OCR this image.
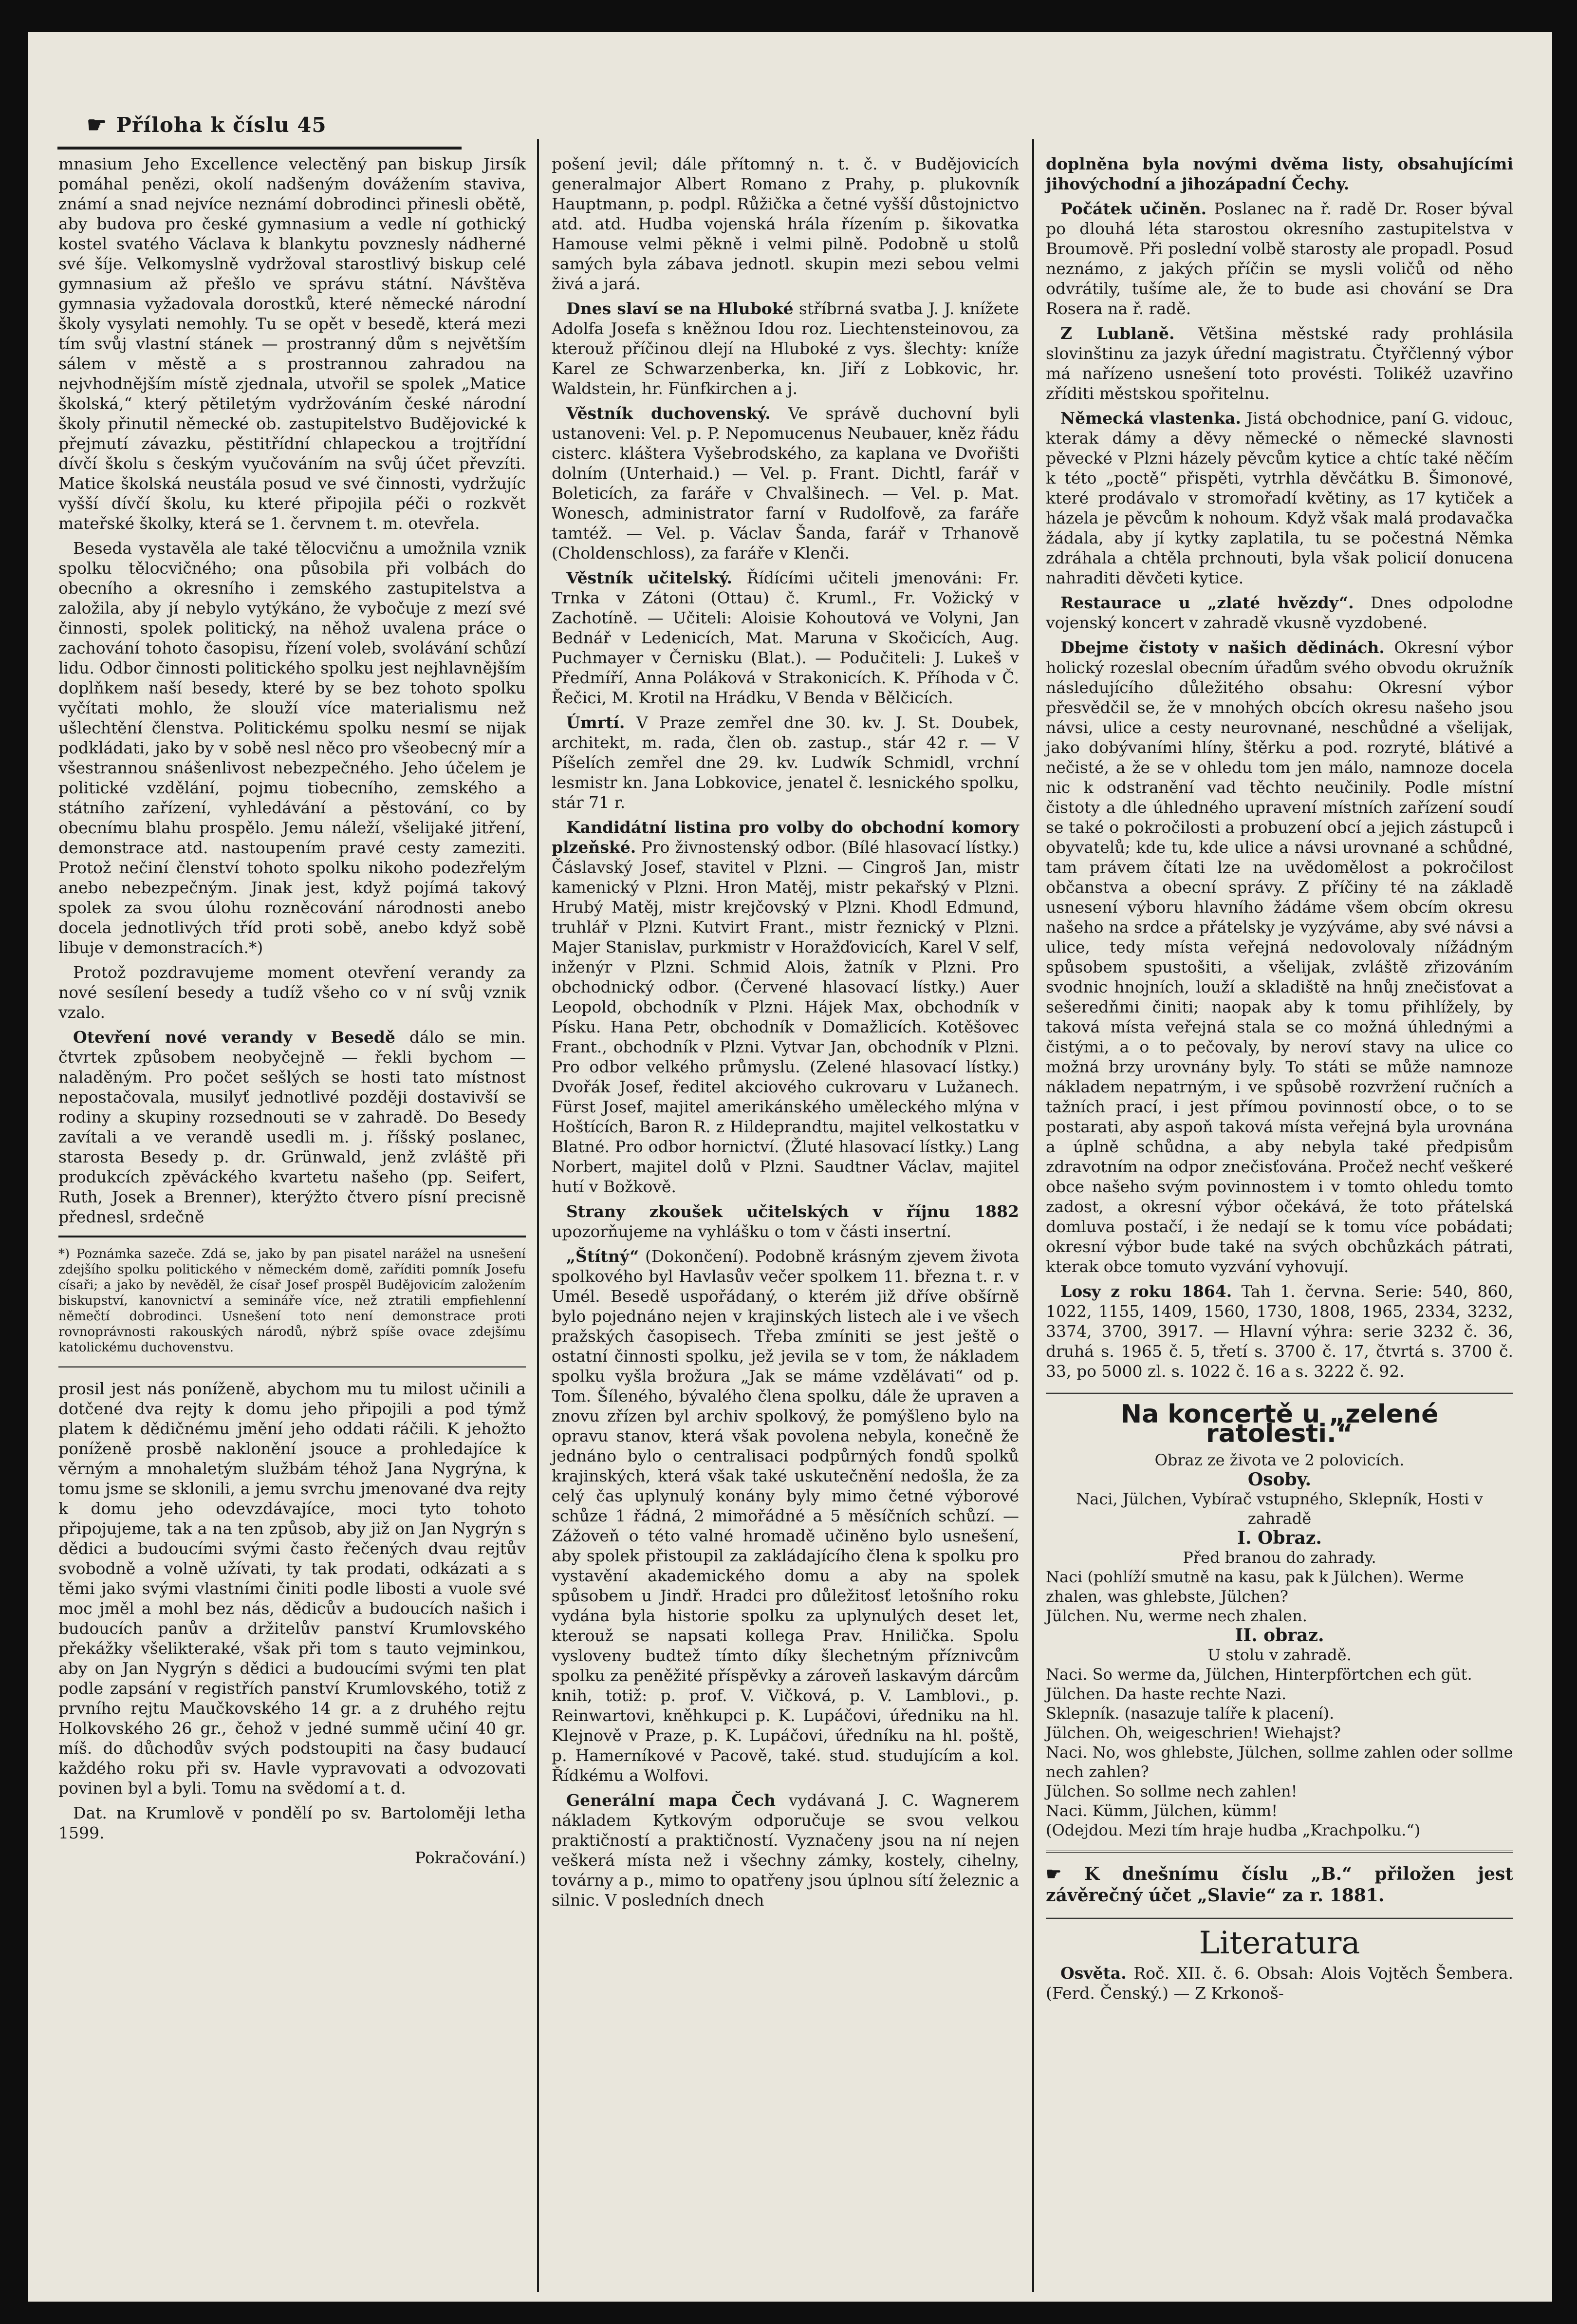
☛ Příloha k číslu 45

mnasium Jeho Excellence velectěný pan biskup Jirsík pomáhal penězi, okolí nadšeným dovážením staviva, známí a snad nejvíce neznámí dobrodinci přinesli obětě, aby budova pro české gymnasium a vedle ní gothický kostel svatého Václava k blankytu povznesly nádherné své šíje. Velkomyslně vydržoval starostlivý biskup celé gymnasium až přešlo ve správu státní. Návštěva gymnasia vyžadovala dorostků, které německé národní školy vysylati nemohly. Tu se opět v besedě, která mezi tím svůj vlastní stánek — prostranný dům s největším sálem v městě a s prostrannou zahradou na nejvhodnějším místě zjednala, utvořil se spolek „Matice školská,“ který pětiletým vydržováním české národní školy přinutil německé ob. zastupitelstvo Budějovické k přejmutí závazku, pěstitřídní chlapeckou a trojtřídní dívčí školu s českým vyučováním na svůj účet převzíti. Matice školská neustála posud ve své činnosti, vydržujíc vyšší dívčí školu, ku které připojila péči o rozkvět mateřské školky, která se 1. červnem t. m. otevřela.

Beseda vystavěla ale také tělocvičnu a umožnila vznik spolku tělocvičného; ona působila při volbách do obecního a okresního i zemského zastupitelstva a založila, aby jí nebylo vytýkáno, že vybočuje z mezí své činnosti, spolek politický, na něhož uvalena práce o zachování tohoto časopisu, řízení voleb, svolávání schůzí lidu. Odbor činnosti politického spolku jest nejhlavnějším doplňkem naší besedy, které by se bez tohoto spolku vyčítati mohlo, že slouží více materialismu než ušlechtění členstva. Politickému spolku nesmí se nijak podkládati, jako by v sobě nesl něco pro všeobecný mír a všestrannou snášenlivost nebezpečného. Jeho účelem je politické vzdělání, pojmu tiobecního, zemského a státního zařízení, vyhledávání a pěstování, co by obecnímu blahu prospělo. Jemu náleží, všelijaké jitření, demonstrace atd. nastoupením pravé cesty zameziti. Protož nečiní členství tohoto spolku nikoho podezřelým anebo nebezpečným. Jinak jest, když pojímá takový spolek za svou úlohu rozněcování národnosti anebo docela jednotlivých tříd proti sobě, anebo když sobě libuje v demonstracích.*)

Protož pozdravujeme moment otevření verandy za nové sesílení besedy a tudíž všeho co v ní svůj vznik vzalo.

Otevření nové verandy v Besedě dálo se min. čtvrtek způsobem neobyčejně — řekli bychom — naladěným. Pro počet sešlých se hosti tato místnost nepostačovala, musilyť jednotlivé později dostavivší se rodiny a skupiny rozsednouti se v zahradě. Do Besedy zavítali a ve verandě usedli m. j. říšský poslanec, starosta Besedy p. dr. Grünwald, jenž zvláště při produkcích zpěváckého kvartetu našeho (pp. Seifert, Ruth, Josek a Brenner), kterýžto čtvero písní precisně přednesl, srdečně

*) Poznámka sazeče. Zdá se, jako by pan pisatel narážel na usnešení zdejšího spolku politického v německém domě, zaříditi pomník Josefu císaři; a jako by nevěděl, že císař Josef prospěl Budějovicím založením biskupství, kanovnictví a semináře více, než ztratili empfiehlenní němečtí dobrodinci. Usnešení toto není demonstrace proti rovnoprávnosti rakouských národů, nýbrž spíše ovace zdejšímu katolickému duchovenstvu.

prosil jest nás poníženě, abychom mu tu milost učinili a dotčené dva rejty k domu jeho připojili a pod týmž platem k dědičnému jmění jeho oddati ráčili. K jehožto poníženě prosbě naklonění jsouce a prohledajíce k věrným a mnohaletým službám téhož Jana Nygrýna, k tomu jsme se sklonili, a jemu svrchu jmenované dva rejty k domu jeho odevzdávajíce, moci tyto tohoto připojujeme, tak a na ten způsob, aby již on Jan Nygrýn s dědici a budoucími svými často řečených dvau rejtův svobodně a volně užívati, ty tak prodati, odkázati a s těmi jako svými vlastními činiti podle libosti a vuole své moc jměl a mohl bez nás, dědicův a budoucích našich i budoucích panův a držitelův panství Krumlovského překážky všelikteraké, však při tom s tauto vejminkou, aby on Jan Nygrýn s dědici a budoucími svými ten plat podle zapsání v registřích panství Krumlovského, totiž z prvního rejtu Maučkovského 14 gr. a z druhého rejtu Holkovského 26 gr., čehož v jedné summě učiní 40 gr. míš. do důchodův svých podstoupiti na časy budaucí každého roku při sv. Havle vypravovati a odvozovati povinen byl a byli. Tomu na svědomí a t. d.

Dat. na Krumlově v pondělí po sv. Bartoloměji letha 1599.

Pokračování.)

pošení jevil; dále přítomný n. t. č. v Budějovicích generalmajor Albert Romano z Prahy, p. plukovník Hauptmann, p. podpl. Růžička a četné vyšší důstojnictvo atd. atd. Hudba vojenská hrála řízením p. šikovatka Hamouse velmi pěkně i velmi pilně. Podobně u stolů samých byla zábava jednotl. skupin mezi sebou velmi živá a jará.

Dnes slaví se na Hluboké stříbrná svatba J. J. knížete Adolfa Josefa s kněžnou Idou roz. Liechtensteinovou, za kterouž příčinou dlejí na Hluboké z vys. šlechty: kníže Karel ze Schwarzenberka, kn. Jiří z Lobkovic, hr. Waldstein, hr. Fünfkirchen a j.

Věstník duchovenský. Ve správě duchovní byli ustanoveni: Vel. p. P. Nepomucenus Neubauer, kněz řádu cisterc. kláštera Vyšebrodského, za kaplana ve Dvořišti dolním (Unterhaid.) — Vel. p. Frant. Dichtl, farář v Boleticích, za faráře v Chvalšinech. — Vel. p. Mat. Wonesch, administrator farní v Rudolfově, za faráře tamtéž. — Vel. p. Václav Šanda, farář v Trhanově (Choldenschloss), za faráře v Klenči.

Věstník učitelský. Řídícími učiteli jmenováni: Fr. Trnka v Zátoni (Ottau) č. Kruml., Fr. Vožický v Zachotíně. — Učiteli: Aloisie Kohoutová ve Volyni, Jan Bednář v Ledenicích, Mat. Maruna v Skočicích, Aug. Puchmayer v Černisku (Blat.). — Podučiteli: J. Lukeš v Předmíří, Anna Poláková v Strakonicích. K. Příhoda v Č. Řečici, M. Krotil na Hrádku, V Benda v Bělčicích.

Úmrtí. V Praze zemřel dne 30. kv. J. St. Doubek, architekt, m. rada, člen ob. zastup., stár 42 r. — V Píšelích zemřel dne 29. kv. Ludwík Schmidl, vrchní lesmistr kn. Jana Lobkovice, jenatel č. lesnického spolku, stár 71 r.

Kandidátní listina pro volby do obchodní komory plzeňské. Pro živnostenský odbor. (Bílé hlasovací lístky.) Čáslavský Josef, stavitel v Plzni. — Cingroš Jan, mistr kamenický v Plzni. Hron Matěj, mistr pekařský v Plzni. Hrubý Matěj, mistr krejčovský v Plzni. Khodl Edmund, truhlář v Plzni. Kutvirt Frant., mistr řeznický v Plzni. Majer Stanislav, purkmistr v Horažďovicích, Karel V self, inženýr v Plzni. Schmid Alois, žatník v Plzni. Pro obchodnický odbor. (Červené hlasovací lístky.) Auer Leopold, obchodník v Plzni. Hájek Max, obchodník v Písku. Hana Petr, obchodník v Domažlicích. Kotěšovec Frant., obchodník v Plzni. Vytvar Jan, obchodník v Plzni. Pro odbor velkého průmyslu. (Zelené hlasovací lístky.) Dvořák Josef, ředitel akciového cukrovaru v Lužanech. Fürst Josef, majitel amerikánského uměleckého mlýna v Hoštících, Baron R. z Hildeprandtu, majitel velkostatku v Blatné. Pro odbor hornictví. (Žluté hlasovací lístky.) Lang Norbert, majitel dolů v Plzni. Saudtner Václav, majitel hutí v Božkově.

Strany zkoušek učitelských v říjnu 1882 upozorňujeme na vyhlášku o tom v části insertní.

„Štítný“ (Dokončení). Podobně krásným zjevem života spolkového byl Havlasův večer spolkem 11. března t. r. v Umél. Besedě uspořádaný, o kterém již dříve obšírně bylo pojednáno nejen v krajinských listech ale i ve všech pražských časopisech. Třeba zmíniti se jest ještě o ostatní činnosti spolku, jež jevila se v tom, že nákladem spolku vyšla brožura „Jak se máme vzdělávati“ od p. Tom. Šíleného, bývalého člena spolku, dále že upraven a znovu zřízen byl archiv spolkový, že pomýšleno bylo na opravu stanov, která však povolena nebyla, konečně že jednáno bylo o centralisaci podpůrných fondů spolků krajinských, která však také uskutečnění nedošla, že za celý čas uplynulý konány byly mimo četné výborové schůze 1 řádná, 2 mimořádné a 5 měsíčních schůzí. — Zážoveň o této valné hromadě učiněno bylo usnešení, aby spolek přistoupil za zakládajícího člena k spolku pro vystavění akademického domu a aby na spolek spůsobem u Jindř. Hradci pro důležitosť letošního roku vydána byla historie spolku za uplynulých deset let, kterouž se napsati kollega Prav. Hnilička. Spolu vysloveny budtež tímto díky šlechetným příznivcům spolku za peněžité příspěvky a zároveň laskavým dárcům knih, totiž: p. prof. V. Vičková, p. V. Lamblovi., p. Reinwartovi, kněhkupci p. K. Lupáčovi, úředniku na hl. Klejnově v Praze, p. K. Lupáčovi, úředníku na hl. poště, p. Hamerníkové v Pacově, také. stud. studujícím a kol. Řídkému a Wolfovi.

Generální mapa Čech vydávaná J. C. Wagnerem nákladem Kytkovým odporučuje se svou velkou praktičností a praktičností. Vyznačeny jsou na ní nejen veškerá místa než i všechny zámky, kostely, cihelny, továrny a p., mimo to opatřeny jsou úplnou sítí železnic a silnic. V posledních dnech

doplněna byla novými dvěma listy, obsahujícími jihovýchodní a jihozápadní Čechy.

Počátek učiněn. Poslanec na ř. radě Dr. Roser býval po dlouhá léta starostou okresního zastupitelstva v Broumově. Při poslední volbě starosty ale propadl. Posud neznámo, z jakých příčin se mysli voličů od něho odvrátily, tušíme ale, že to bude asi chování se Dra Rosera na ř. radě.

Z Lublaně. Většina městské rady prohlásila slovinštinu za jazyk úřední magistratu. Čtyřčlenný výbor má nařízeno usnešení toto provésti. Tolikéž uzavřino zříditi městskou spořitelnu.

Německá vlastenka. Jistá obchodnice, paní G. vidouc, kterak dámy a děvy německé o německé slavnosti pěvecké v Plzni házely pěvcům kytice a chtíc také něčím k této „poctě“ přispěti, vytrhla děvčátku B. Šimonové, které prodávalo v stromořadí květiny, as 17 kytiček a házela je pěvcům k nohoum. Když však malá prodavačka žádala, aby jí kytky zaplatila, tu se počestná Němka zdráhala a chtěla prchnouti, byla však policií donucena nahraditi děvčeti kytice.

Restaurace u „zlaté hvězdy“. Dnes odpolodne vojenský koncert v zahradě vkusně vyzdobené.

Dbejme čistoty v našich dědinách. Okresní výbor holický rozeslal obecním úřadům svého obvodu okružník následujícího důležitého obsahu: Okresní výbor přesvědčil se, že v mnohých obcích okresu našeho jsou návsi, ulice a cesty neurovnané, neschůdné a všelijak, jako dobývaními hlíny, štěrku a pod. rozryté, blátivé a nečisté, a že se v ohledu tom jen málo, namnoze docela nic k odstranění vad těchto neučinily. Podle místní čistoty a dle úhledného upravení místních zařízení soudí se také o pokročilosti a probuzení obcí a jejich zástupců i obyvatelů; kde tu, kde ulice a návsi urovnané a schůdné, tam právem čítati lze na uvědomělost a pokročilost občanstva a obecní správy. Z příčiny té na základě usnesení výboru hlavního žádáme všem obcím okresu našeho na srdce a přátelsky je vyzýváme, aby své návsi a ulice, tedy místa veřejná nedovolovaly nížádným spůsobem spustošiti, a všelijak, zvláště zřizováním svodnic hnojních, louží a skladiště na hnůj znečisťovat a sešeredňmi činiti; naopak aby k tomu přihlížely, by taková místa veřejná stala se co možná úhlednými a čistými, a o to pečovaly, by neroví stavy na ulice co možná brzy urovnány byly. To státi se může namnoze nákladem nepatrným, i ve spůsobě rozvržení ručních a tažních prací, i jest přímou povinností obce, o to se postarati, aby aspoň taková místa veřejná byla urovnána a úplně schůdna, a aby nebyla také předpisům zdravotním na odpor znečisťována. Pročež nechť veškeré obce našeho svým povinnostem i v tomto ohledu tomto zadost, a okresní výbor očekává, že toto přátelská domluva postačí, i že nedají se k tomu více pobádati; okresní výbor bude také na svých obchůzkách pátrati, kterak obce tomuto vyzvání vyhovují.

Losy z roku 1864. Tah 1. června. Serie: 540, 860, 1022, 1155, 1409, 1560, 1730, 1808, 1965, 2334, 3232, 3374, 3700, 3917. — Hlavní výhra: serie 3232 č. 36, druhá s. 1965 č. 5, třetí s. 3700 č. 17, čtvrtá s. 3700 č. 33, po 5000 zl. s. 1022 č. 16 a s. 3222 č. 92.

Na koncertě u „zelené ratolesti.“
Obraz ze života ve 2 polovicích.
Osoby.
Naci, Jülchen, Vybírač vstupného, Sklepník, Hosti v zahradě
I. Obraz.
Před branou do zahrady.
Naci (pohlíží smutně na kasu, pak k Jülchen). Werme zhalen, was ghlebste, Jülchen?
Jülchen. Nu, werme nech zhalen.
II. obraz.
U stolu v zahradě.
Naci. So werme da, Jülchen, Hinterpförtchen ech güt.
Jülchen. Da haste rechte Nazi.
Sklepník. (nasazuje talíře k placení).
Jülchen. Oh, weigeschrien! Wiehajst?
Naci. No, wos ghlebste, Jülchen, sollme zahlen oder sollme nech zahlen?
Jülchen. So sollme nech zahlen!
Naci. Kümm, Jülchen, kümm!
(Odejdou. Mezi tím hraje hudba „Krachpolku.“)
☛ K dnešnímu číslu „B.“ přiložen jest závěrečný účet „Slavie“ za r. 1881.
Literatura

Osvěta. Roč. XII. č. 6. Obsah: Alois Vojtěch Šembera. (Ferd. Čenský.) — Z Krkonoš-
